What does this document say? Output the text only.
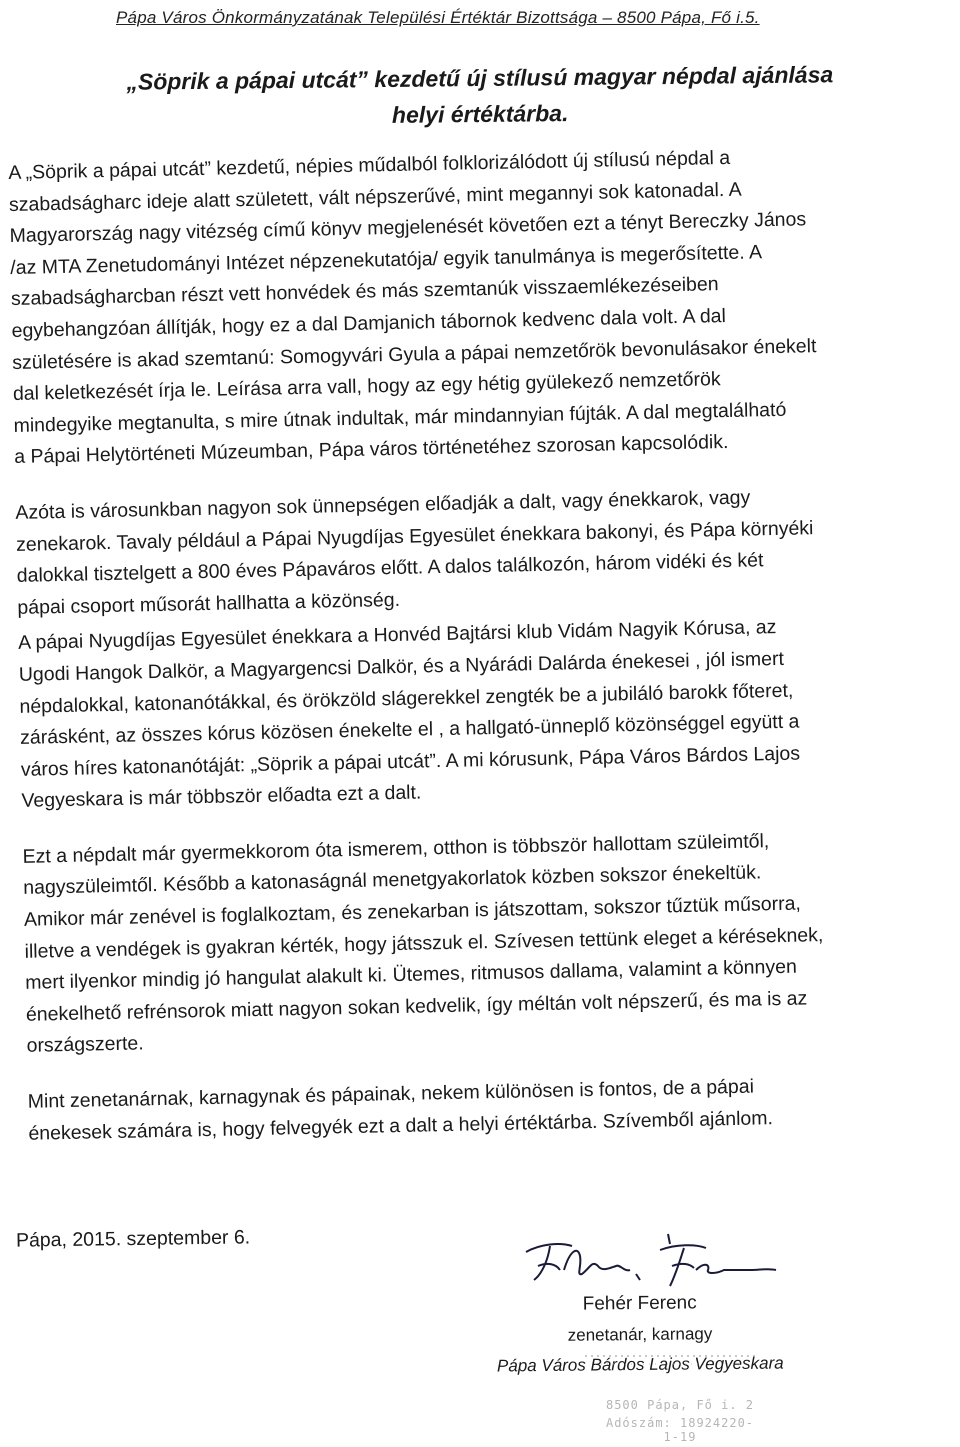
Pápa Város Önkormányzatának Települési Értéktár Bizottsága – 8500 Pápa, Fő i.5.
„Söprik a pápai utcát” kezdetű új stílusú magyar népdal ajánlása
helyi értéktárba.

A „Söprik a pápai utcát” kezdetű, népies műdalból folklorizálódott új stílusú népdal a
szabadságharc ideje alatt született, vált népszerűvé, mint megannyi sok katonadal. A
Magyarország nagy vitézség című könyv megjelenését követően ezt a tényt Bereczky János
/az MTA Zenetudományi Intézet népzenekutatója/ egyik tanulmánya is megerősítette. A
szabadságharcban részt vett honvédek és más szemtanúk visszaemlékezéseiben
egybehangzóan állítják, hogy ez a dal Damjanich tábornok kedvenc dala volt. A dal
születésére is akad szemtanú: Somogyvári Gyula a pápai nemzetőrök bevonulásakor énekelt
dal keletkezését írja le. Leírása arra vall, hogy az egy hétig gyülekező nemzetőrök
mindegyike megtanulta, s mire útnak indultak, már mindannyian fújták. A dal megtalálható
a Pápai Helytörténeti Múzeumban, Pápa város történetéhez szorosan kapcsolódik.

Azóta is városunkban nagyon sok ünnepségen előadják a dalt, vagy énekkarok, vagy
zenekarok. Tavaly például a Pápai Nyugdíjas Egyesület énekkara bakonyi, és Pápa környéki
dalokkal tisztelgett a 800 éves Pápaváros előtt. A dalos találkozón, három vidéki és két
pápai csoport műsorát hallhatta a közönség.

A pápai Nyugdíjas Egyesület énekkara a Honvéd Bajtársi klub Vidám Nagyik Kórusa, az
Ugodi Hangok Dalkör, a Magyargencsi Dalkör, és a Nyárádi Dalárda énekesei , jól ismert
népdalokkal, katonanótákkal, és örökzöld slágerekkel zengték be a jubiláló barokk főteret,
zárásként, az összes kórus közösen énekelte el , a hallgató-ünneplő közönséggel együtt a
város híres katonanótáját: „Söprik a pápai utcát”. A mi kórusunk, Pápa Város Bárdos Lajos
Vegyeskara is már többször előadta ezt a dalt.

Ezt a népdalt már gyermekkorom óta ismerem, otthon is többször hallottam szüleimtől,
nagyszüleimtől. Később a katonaságnál menetgyakorlatok közben sokszor énekeltük.
Amikor már zenével is foglalkoztam, és zenekarban is játszottam, sokszor tűztük műsorra,
illetve a vendégek is gyakran kérték, hogy játsszuk el. Szívesen tettünk eleget a kéréseknek,
mert ilyenkor mindig jó hangulat alakult ki. Ütemes, ritmusos dallama, valamint a könnyen
énekelhető refrénsorok miatt nagyon sokan kedvelik, így méltán volt népszerű, és ma is az
országszerte.

Mint zenetanárnak, karnagynak és pápainak, nekem különösen is fontos, de a pápai
énekesek számára is, hogy felvegyék ezt a dalt a helyi értéktárba. Szívemből ajánlom.

Pápa, 2015. szeptember 6.
Fehér Ferenc
zenetanár, karnagy
Pápa Város Bárdos Lajos Vegyeskara
8500 Pápa, Fő i. 2
Adószám: 18924220-1-19
